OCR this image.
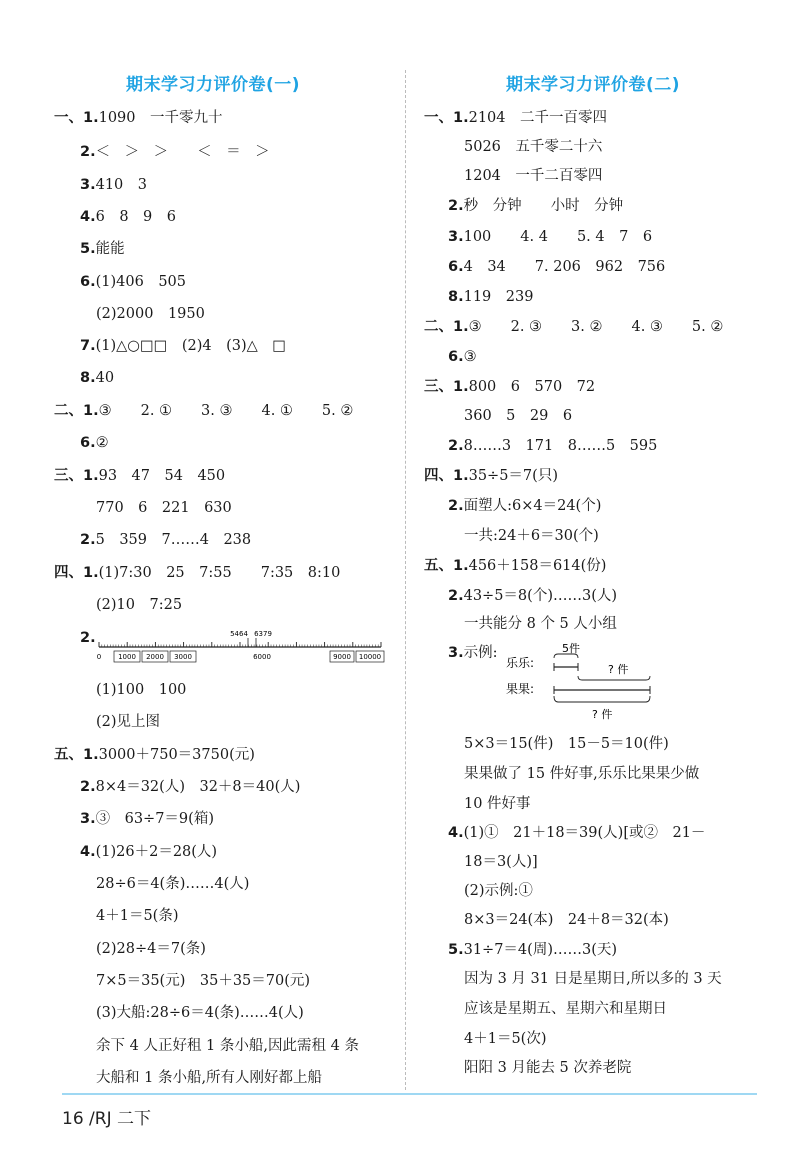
期末学习力评价卷(一)
一、1.1090　一千零九十
2.＜　＞　＞　　＜　＝　＞
3.410　3
4.6　8　9　6
5.能能
6.(1)406　505
(2)2000　1950
7.(1)△○□□　(2)4　(3)△　□
8.40
二、1.③　　2. ①　　3. ③　　4. ①　　5. ②
6.②
三、1.93　47　54　450
770　6　221　630
2.5　359　7……4　238
四、1.(1)7:30　25　7:55　　7:35　8:10
(2)10　7:25
2.
(1)100　100
(2)见上图
五、1.3000＋750＝3750(元)
2.8×4＝32(人)　32＋8＝40(人)
3.③　63÷7＝9(箱)
4.(1)26＋2＝28(人)
28÷6＝4(条)……4(人)
4＋1＝5(条)
(2)28÷4＝7(条)
7×5＝35(元)　35＋35＝70(元)
(3)大船:28÷6＝4(条)……4(人)
余下 4 人正好租 1 条小船,因此需租 4 条
大船和 1 条小船,所有人刚好都上船
5464 6379
0	6000
1000 2000 3000	9000 10000
期末学习力评价卷(二)
一、1.2104　二千一百零四
5026　五千零二十六
1204　一千二百零四
2.秒　分钟　　小时　分钟
3.100　　4. 4　　5. 4　7　6
6.4　34　　7. 206　962　756
8.119　239
二、1.③　　2. ③　　3. ②　　4. ③　　5. ②
6.③
三、1.800　6　570　72
360　5　29　6
2.8……3　171　8……5　595
四、1.35÷5＝7(只)
2.面塑人:6×4＝24(个)
一共:24＋6＝30(个)
五、1.456＋158＝614(份)
2.43÷5＝8(个)……3(人)
一共能分 8 个 5 人小组
3.示例:
5×3＝15(件)　15－5＝10(件)
果果做了 15 件好事,乐乐比果果少做
10 件好事
4.(1)①　21＋18＝39(人)[或②　21－
18＝3(人)]
(2)示例:①
8×3＝24(本)　24＋8＝32(本)
5.31÷7＝4(周)……3(天)
因为 3 月 31 日是星期日,所以多的 3 天
应该是星期五、星期六和星期日
4＋1＝5(次)
阳阳 3 月能去 5 次养老院
乐乐:
果果:
5件
? 件
? 件
16 /RJ 二下
